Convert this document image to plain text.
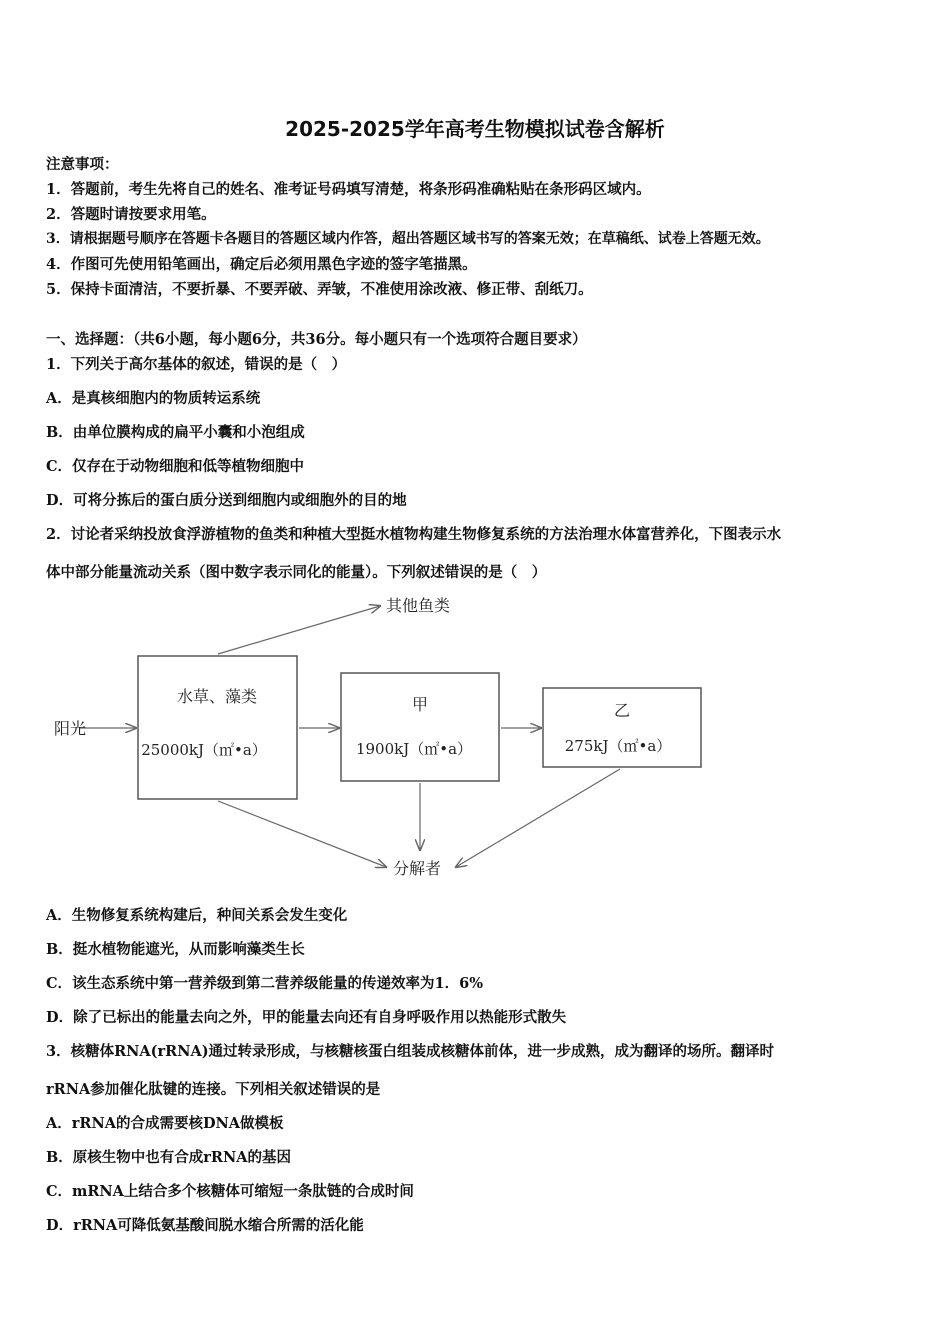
2025-2025学年高考生物模拟试卷含解析
注意事项：
1．答题前，考生先将自己的姓名、准考证号码填写清楚，将条形码准确粘贴在条形码区域内。
2．答题时请按要求用笔。
3．请根据题号顺序在答题卡各题目的答题区域内作答，超出答题区域书写的答案无效；在草稿纸、试卷上答题无效。
4．作图可先使用铅笔画出，确定后必须用黑色字迹的签字笔描黑。
5．保持卡面清洁，不要折暴、不要弄破、弄皱，不准使用涂改液、修正带、刮纸刀。
一、选择题：（共6小题，每小题6分，共36分。每小题只有一个选项符合题目要求）
1．下列关于高尔基体的叙述，错误的是（　）
A．是真核细胞内的物质转运系统
B．由单位膜构成的扁平小囊和小泡组成
C．仅存在于动物细胞和低等植物细胞中
D．可将分拣后的蛋白质分送到细胞内或细胞外的目的地
2．讨论者采纳投放食浮游植物的鱼类和种植大型挺水植物构建生物修复系统的方法治理水体富营养化，下图表示水
体中部分能量流动关系（图中数字表示同化的能量）。下列叙述错误的是（　）
阳光
水草、藻类
25000kJ（㎡•a）
甲
1900kJ（㎡•a）
乙
275kJ（㎡•a）
其他鱼类
分解者
A．生物修复系统构建后，种间关系会发生变化
B．挺水植物能遮光，从而影响藻类生长
C．该生态系统中第一营养级到第二营养级能量的传递效率为1．6%
D．除了已标出的能量去向之外，甲的能量去向还有自身呼吸作用以热能形式散失
3．核糖体RNA(rRNA)通过转录形成，与核糖核蛋白组装成核糖体前体，进一步成熟，成为翻译的场所。翻译时
rRNA参加催化肽键的连接。下列相关叙述错误的是
A．rRNA的合成需要核DNA做模板
B．原核生物中也有合成rRNA的基因
C．mRNA上结合多个核糖体可缩短一条肽链的合成时间
D．rRNA可降低氨基酸间脱水缩合所需的活化能
